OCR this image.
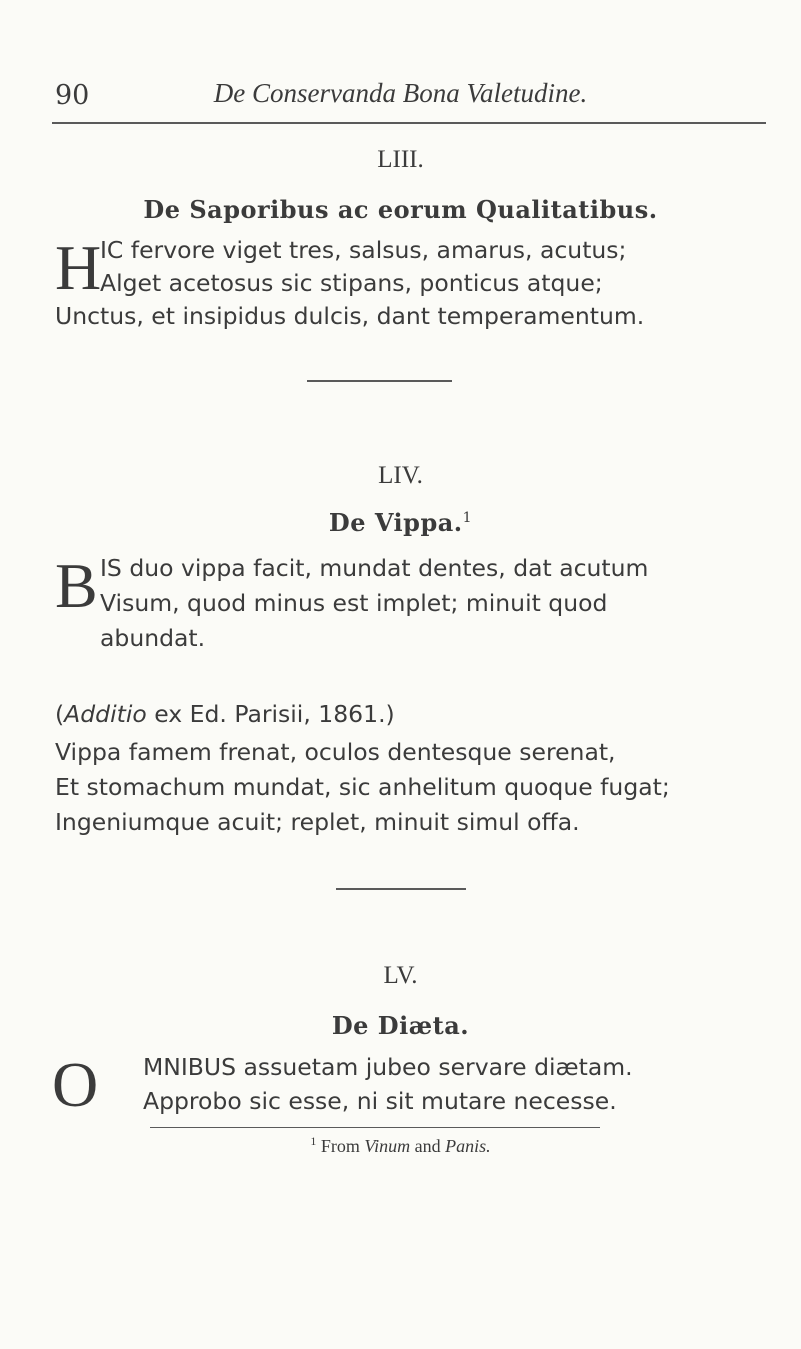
90	De Conservanda Bona Valetudine.
LIII.
De Saporibus ac eorum Qualitatibus.
H
IC fervore viget tres, salsus, amarus, acutus;
Alget acetosus sic stipans, ponticus atque;
Unctus, et insipidus dulcis, dant temperamentum.
LIV.
De Vippa.$^1$
B IS duo vippa facit, mundat dentes, dat acutum
Visum, quod minus est implet; minuit quod
abundat.
(Additio ex Ed. Parisii, 1861.)
Vippa famem frenat, oculos dentesque serenat,
Et stomachum mundat, sic anhelitum quoque fugat;
Ingeniumque acuit; replet, minuit simul offa.
LV.
De Diæta.
O MNIBUS assuetam jubeo servare diætam.
Approbo sic esse, ni sit mutare necesse.
$^1$ From Vinum and Panis.
